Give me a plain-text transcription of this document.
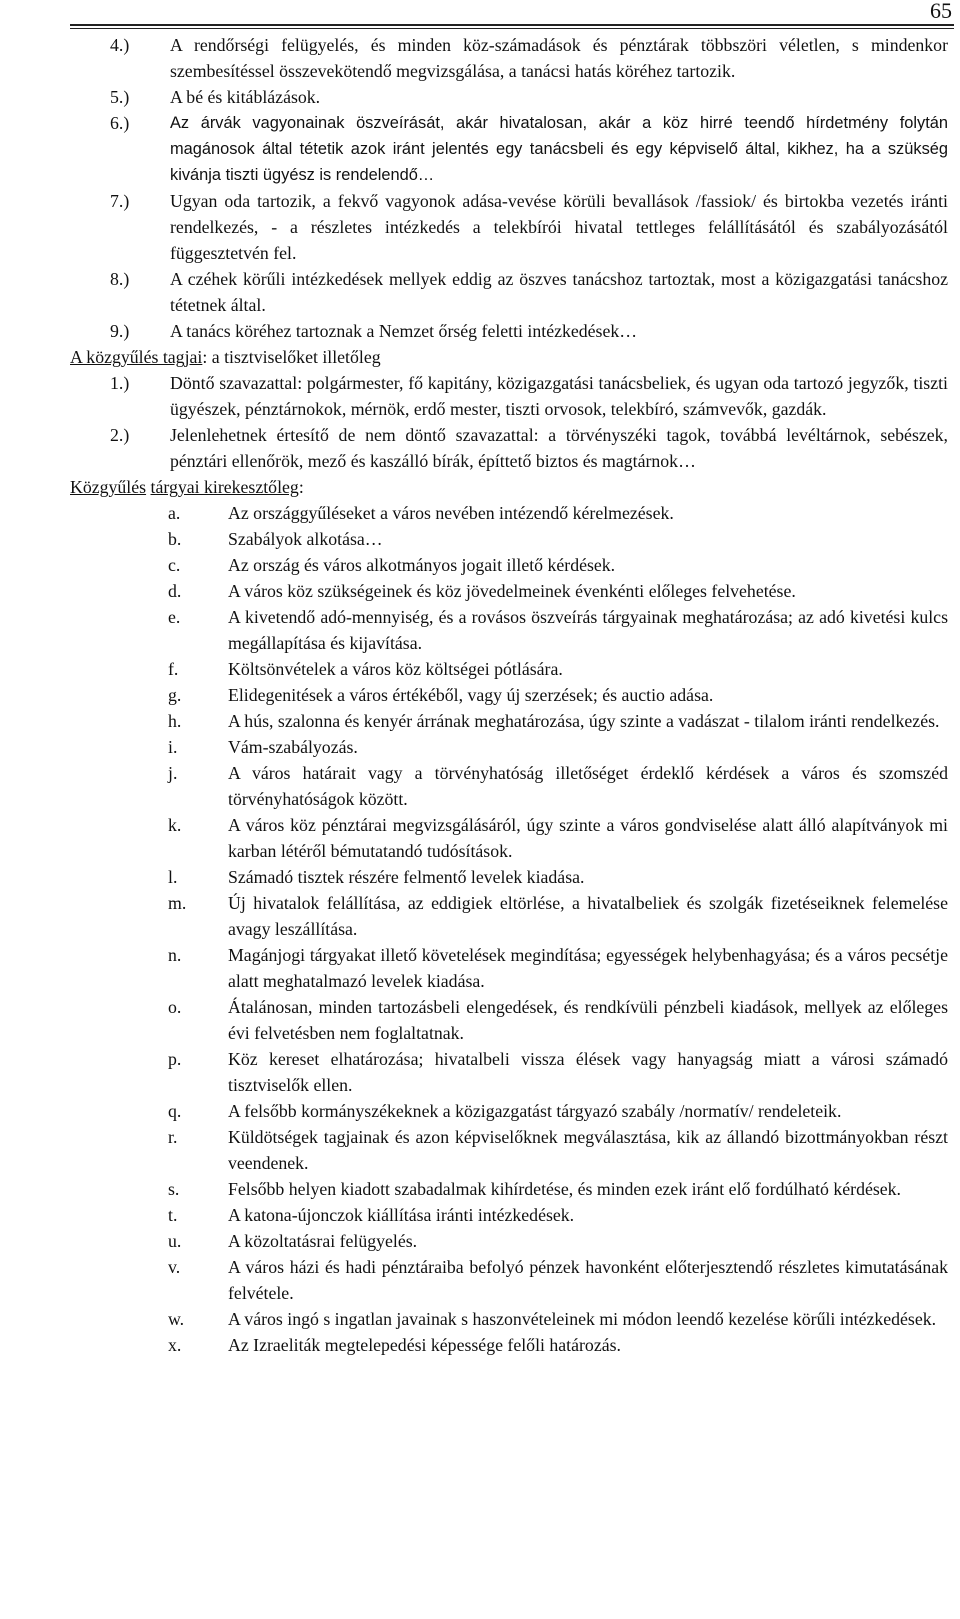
65
4.)	A rendőrségi felügyelés, és minden köz-számadások és pénztárak többszöri véletlen, s mindenkor szembesítéssel összevekötendő megvizsgálása, a tanácsi hatás köréhez tartozik.
5.)	A bé és kitáblázások.
6.)	Az árvák vagyonainak öszveírását, akár hivatalosan, akár a köz hirré teendő hírdetmény folytán magánosok által tétetik azok iránt jelentés egy tanácsbeli és egy képviselő által, kikhez, ha a szükség kivánja tiszti ügyész is rendelendő…
7.)	Ugyan oda tartozik, a fekvő vagyonok adása-vevése körüli bevallások /fassiok/ és birtokba vezetés iránti rendelkezés, - a részletes intézkedés a telekbírói hivatal tettleges felállításától és szabályozásától függesztetvén fel.
8.)	A czéhek körűli intézkedések mellyek eddig az öszves tanácshoz tartoztak, most a közigazgatási tanácshoz tétetnek által.
9.)	A tanács köréhez tartoznak a Nemzet őrség feletti intézkedések…

A közgyűlés tagjai: a tisztviselőket illetőleg

1.)	Döntő szavazattal: polgármester, fő kapitány, közigazgatási tanácsbeliek, és ugyan oda tartozó jegyzők, tiszti ügyészek, pénztárnokok, mérnök, erdő mester, tiszti orvosok, telekbíró, számvevők, gazdák.
2.)	Jelenlehetnek értesítő de nem döntő szavazattal: a törvényszéki tagok, továbbá levéltárnok, sebészek, pénztári ellenőrök, mező és kaszálló bírák, építtető biztos és magtárnok…

Közgyűlés tárgyai kirekesztőleg:

a.	Az országgyűléseket a város nevében intézendő kérelmezések.
b.	Szabályok alkotása…
c.	Az ország és város alkotmányos jogait illető kérdések.
d.	A város köz szükségeinek és köz jövedelmeinek évenkénti előleges felvehetése.
e.	A kivetendő adó-mennyiség, és a rovásos öszveírás tárgyainak meghatározása; az adó kivetési kulcs megállapítása és kijavítása.
f.	Költsönvételek a város köz költségei pótlására.
g.	Elidegenitések a város értékéből, vagy új szerzések; és auctio adása.
h.	A hús, szalonna és kenyér árrának meghatározása, úgy szinte a vadászat - tilalom iránti rendelkezés.
i.	Vám-szabályozás.
j.	A város határait vagy a törvényhatóság illetőséget érdeklő kérdések a város és szomszéd törvényhatóságok között.
k.	A város köz pénztárai megvizsgálásáról, úgy szinte a város gondviselése alatt álló alapítványok mi karban létéről bémutatandó tudósítások.
l.	Számadó tisztek részére felmentő levelek kiadása.
m.	Új hivatalok felállítása, az eddigiek eltörlése, a hivatalbeliek és szolgák fizetéseiknek felemelése avagy leszállítása.
n.	Magánjogi tárgyakat illető követelések megindítása; egyességek helybenhagyása; és a város pecsétje alatt meghatalmazó levelek kiadása.
o.	Átalánosan, minden tartozásbeli elengedések, és rendkívüli pénzbeli kiadások, mellyek az előleges évi felvetésben nem foglaltatnak.
p.	Köz kereset elhatározása; hivatalbeli vissza élések vagy hanyagság miatt a városi számadó tisztviselők ellen.
q.	A felsőbb kormányszékeknek a közigazgatást tárgyazó szabály /normatív/ rendeleteik.
r.	Küldötségek tagjainak és azon képviselőknek megválasztása, kik az állandó bizottmányokban részt veendenek.
s.	Felsőbb helyen kiadott szabadalmak kihírdetése, és minden ezek iránt elő fordúlható kérdések.
t.	A katona-újonczok kiállítása iránti intézkedések.
u.	A közoltatásrai felügyelés.
v.	A város házi és hadi pénztáraiba befolyó pénzek havonként előterjesztendő részletes kimutatásának felvétele.
w.	A város ingó s ingatlan javainak s haszonvételeinek mi módon leendő kezelése körűli intézkedések.
x.	Az Izraeliták megtelepedési képessége felőli határozás.
